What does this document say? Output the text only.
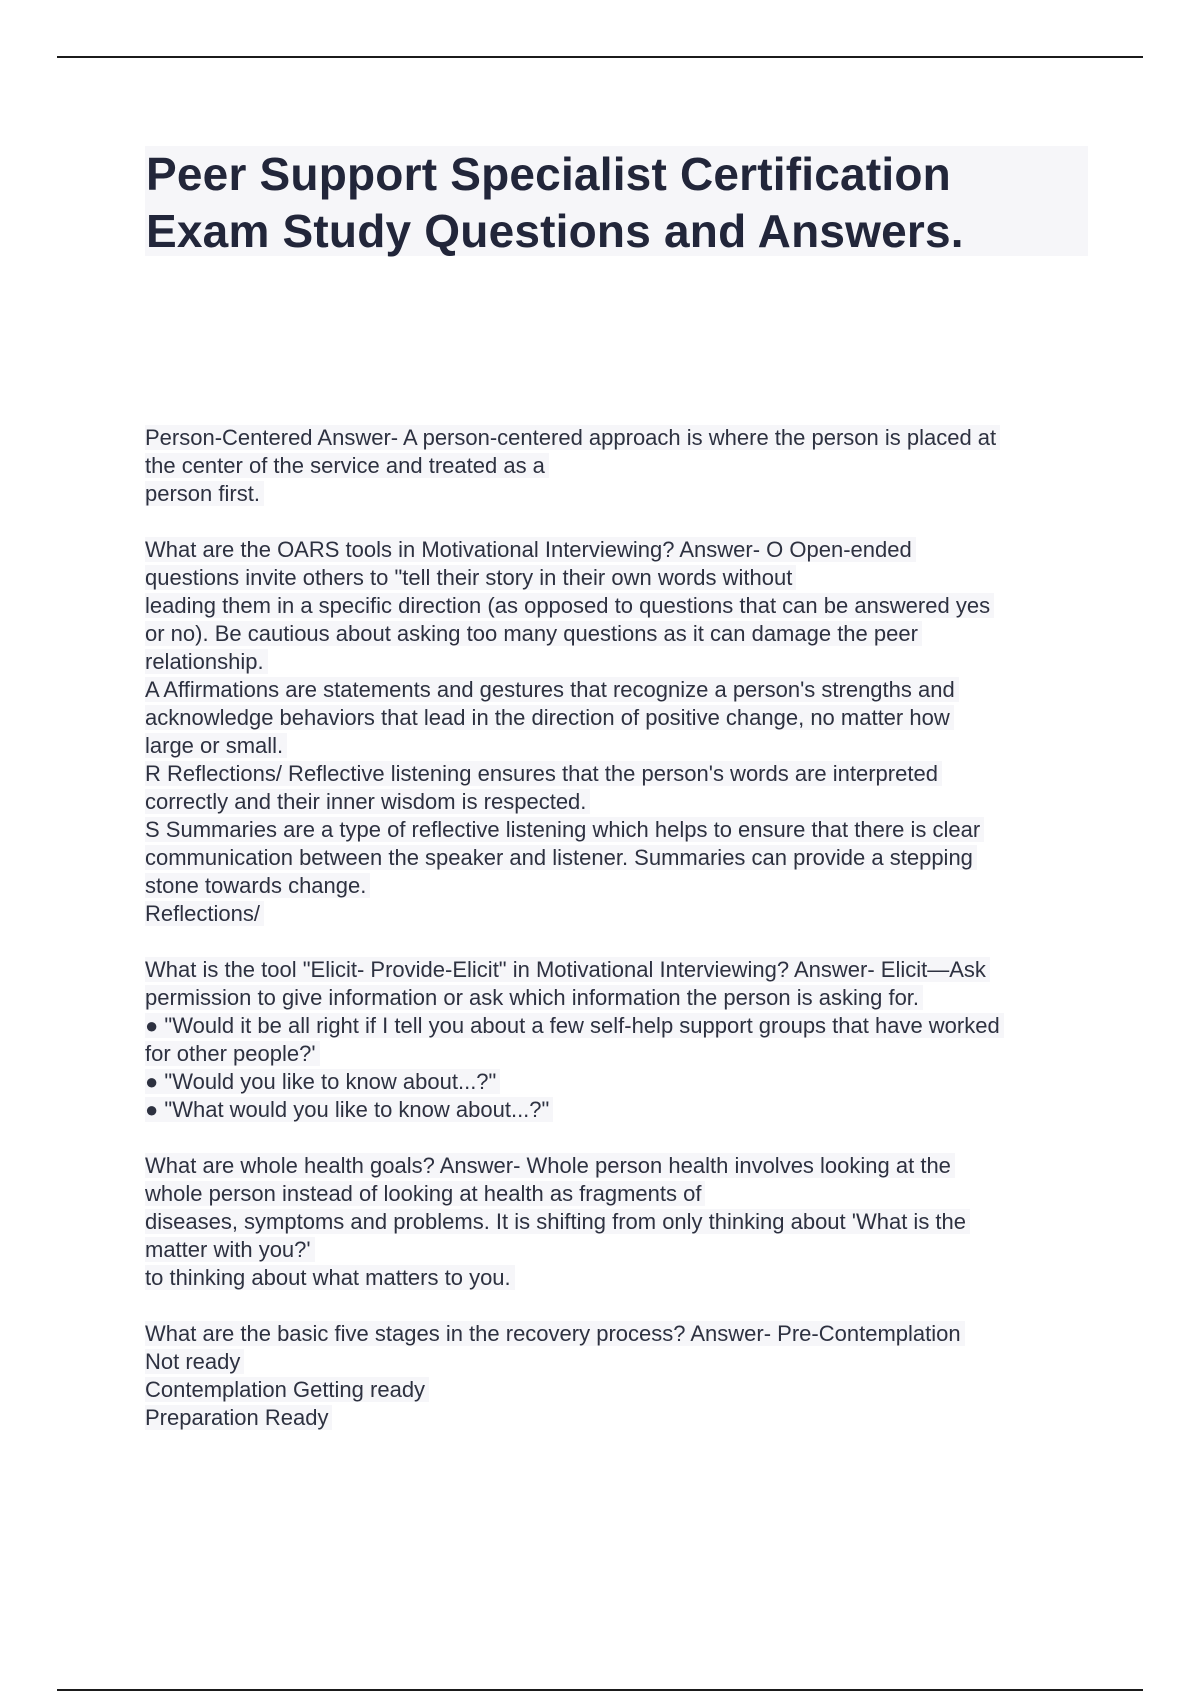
Peer Support Specialist Certification
Exam Study Questions and Answers.
Person-Centered Answer- A person-centered approach is where the person is placed at
the center of the service and treated as a
person first.
What are the OARS tools in Motivational Interviewing? Answer- O Open-ended
questions invite others to "tell their story in their own words without
leading them in a specific direction (as opposed to questions that can be answered yes
or no). Be cautious about asking too many questions as it can damage the peer
relationship.
A Affirmations are statements and gestures that recognize a person's strengths and
acknowledge behaviors that lead in the direction of positive change, no matter how
large or small.
R Reflections/ Reflective listening ensures that the person's words are interpreted
correctly and their inner wisdom is respected.
S Summaries are a type of reflective listening which helps to ensure that there is clear
communication between the speaker and listener. Summaries can provide a stepping
stone towards change.
Reflections/
What is the tool "Elicit- Provide-Elicit" in Motivational Interviewing? Answer- Elicit—Ask
permission to give information or ask which information the person is asking for.
● "Would it be all right if I tell you about a few self-help support groups that have worked
for other people?'
● "Would you like to know about...?"
● "What would you like to know about...?"
What are whole health goals? Answer- Whole person health involves looking at the
whole person instead of looking at health as fragments of
diseases, symptoms and problems. It is shifting from only thinking about 'What is the
matter with you?'
to thinking about what matters to you.
What are the basic five stages in the recovery process? Answer- Pre-Contemplation
Not ready
Contemplation Getting ready
Preparation Ready
